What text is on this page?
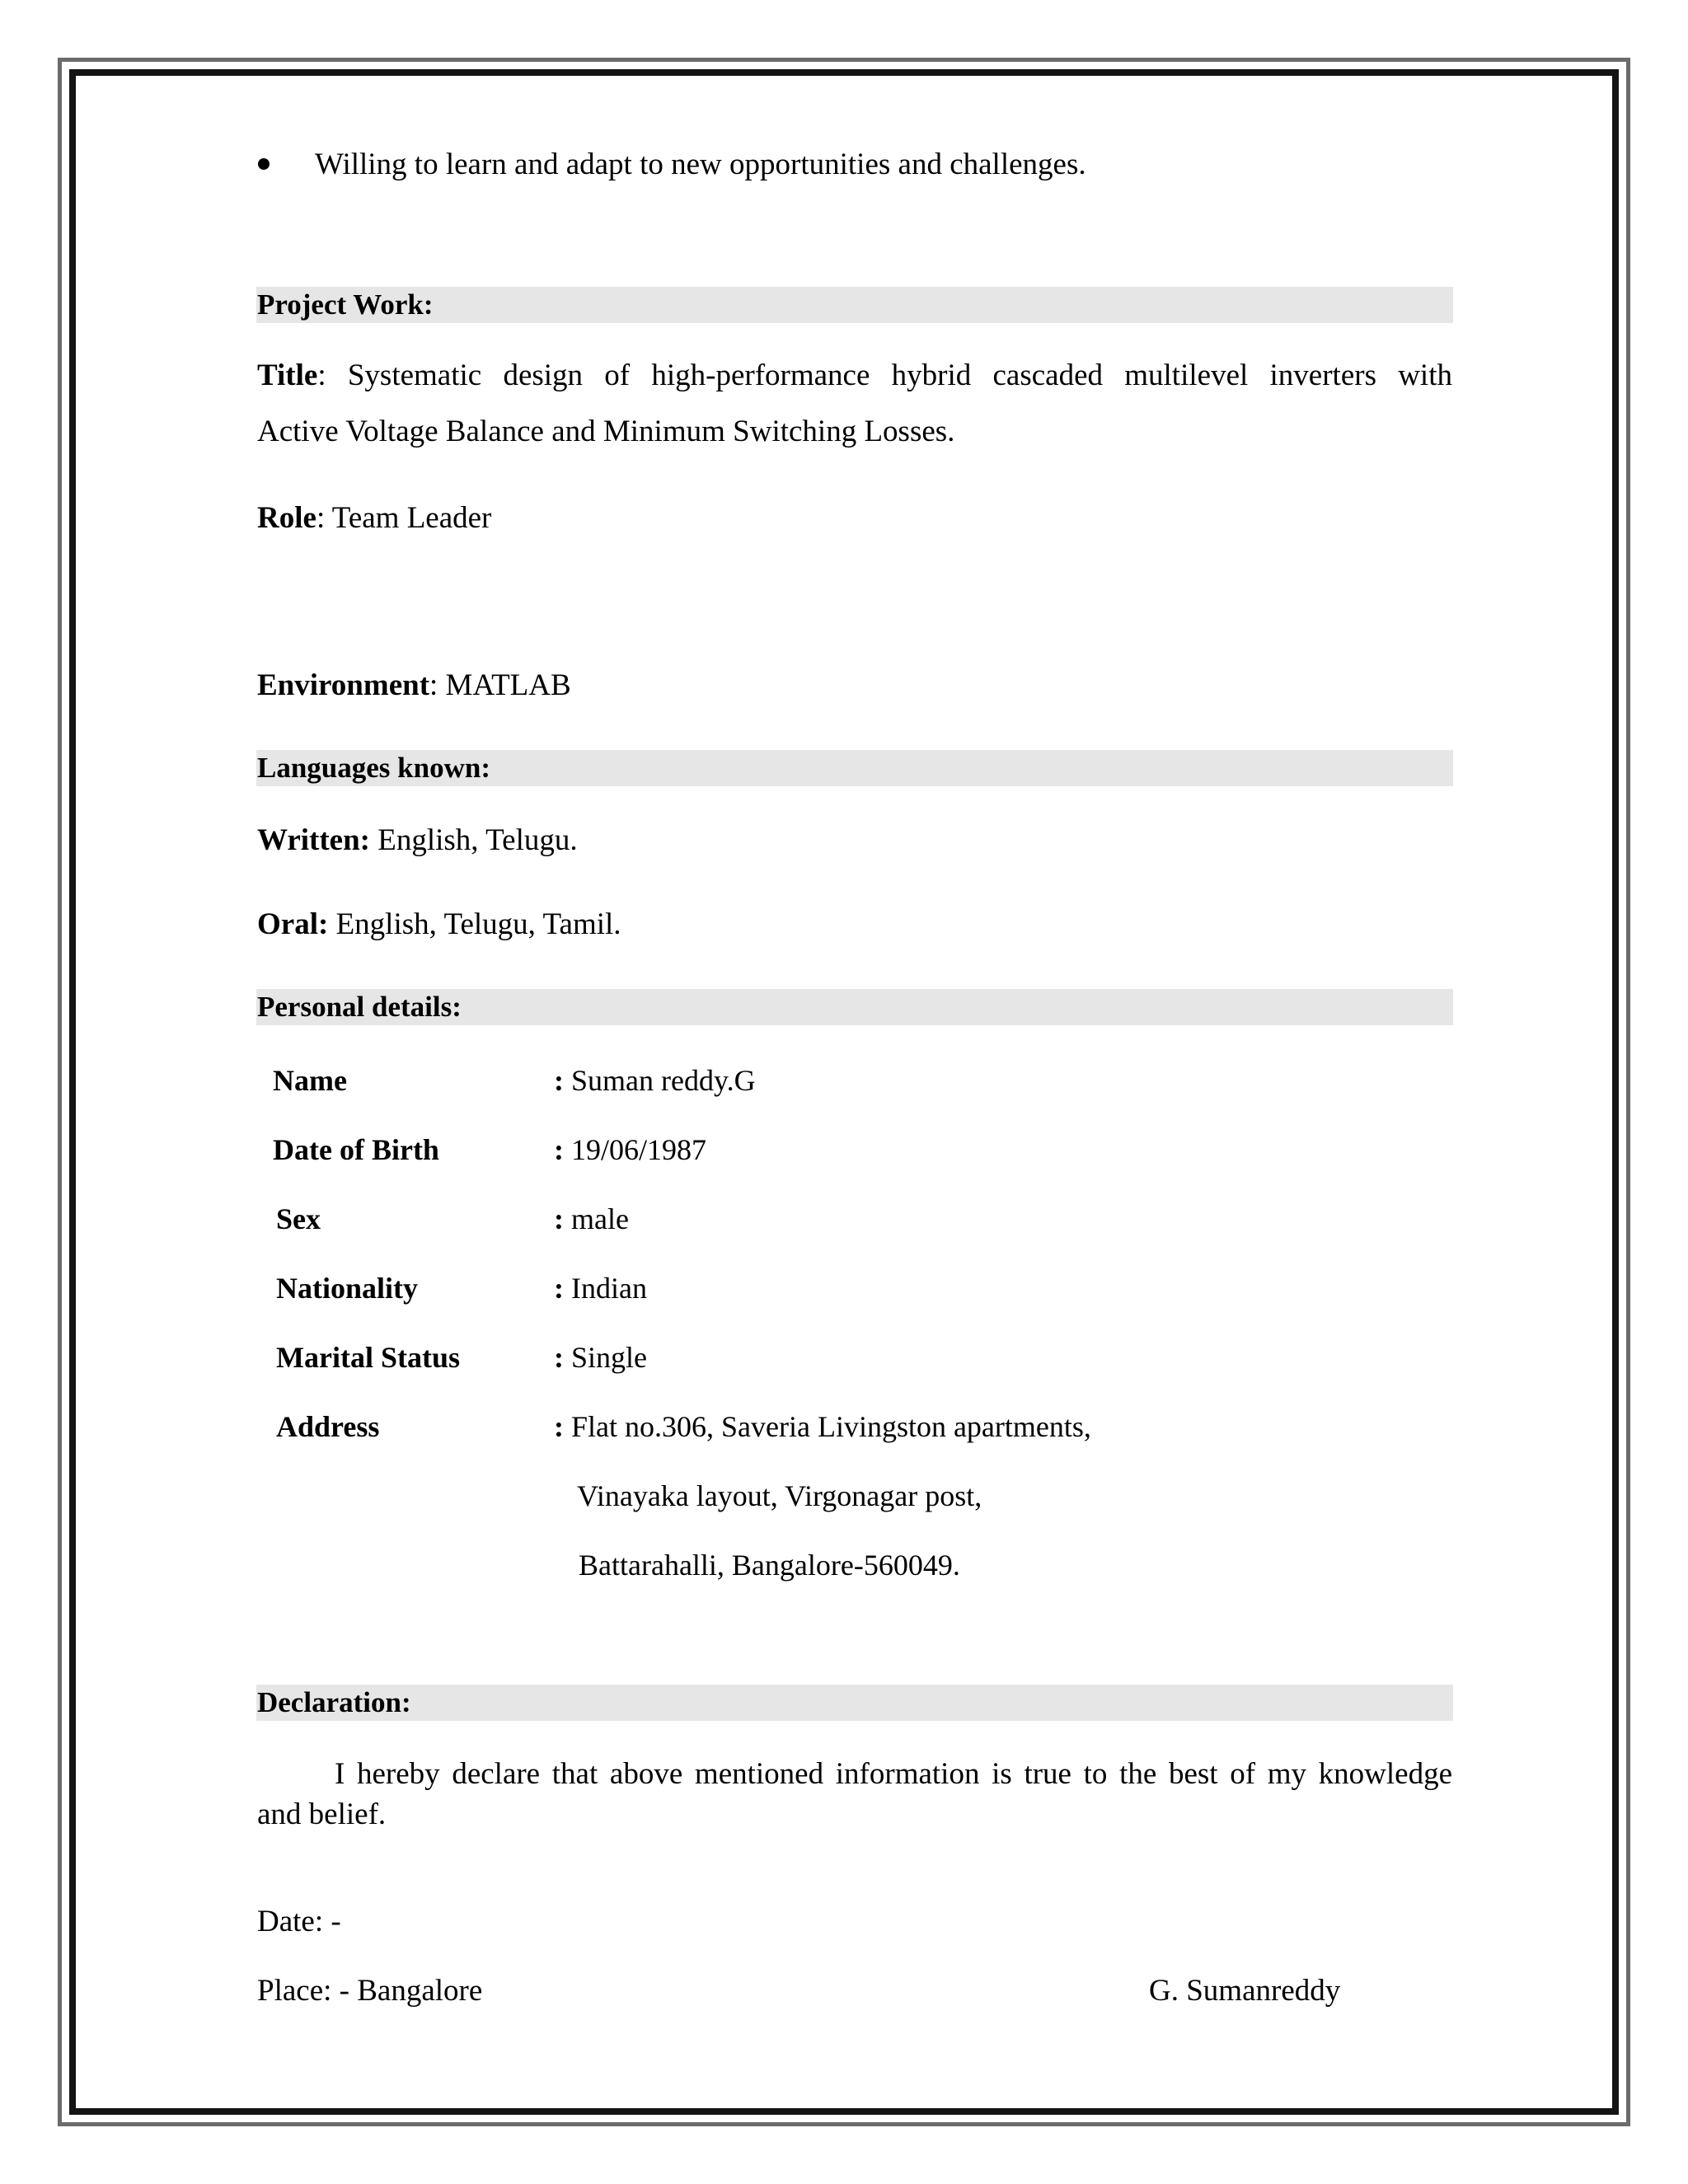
Willing to learn and adapt to new opportunities and challenges.
Project Work:
Title: Systematic design of high-performance hybrid cascaded multilevel inverters with
Active Voltage Balance and Minimum Switching Losses.
Role: Team Leader
Environment: MATLAB
Languages known:
Written: English, Telugu.
Oral: English, Telugu, Tamil.
Personal details:
Name	: Suman reddy.G
Date of Birth	: 19/06/1987
Sex	: male
Nationality	: Indian
Marital Status	: Single
Address	: Flat no.306, Saveria Livingston apartments,
Vinayaka layout, Virgonagar post,
Battarahalli, Bangalore-560049.
Declaration:
I hereby declare that above mentioned information is true to the best of my knowledge
and belief.
Date: -
Place: - Bangalore	G. Sumanreddy
